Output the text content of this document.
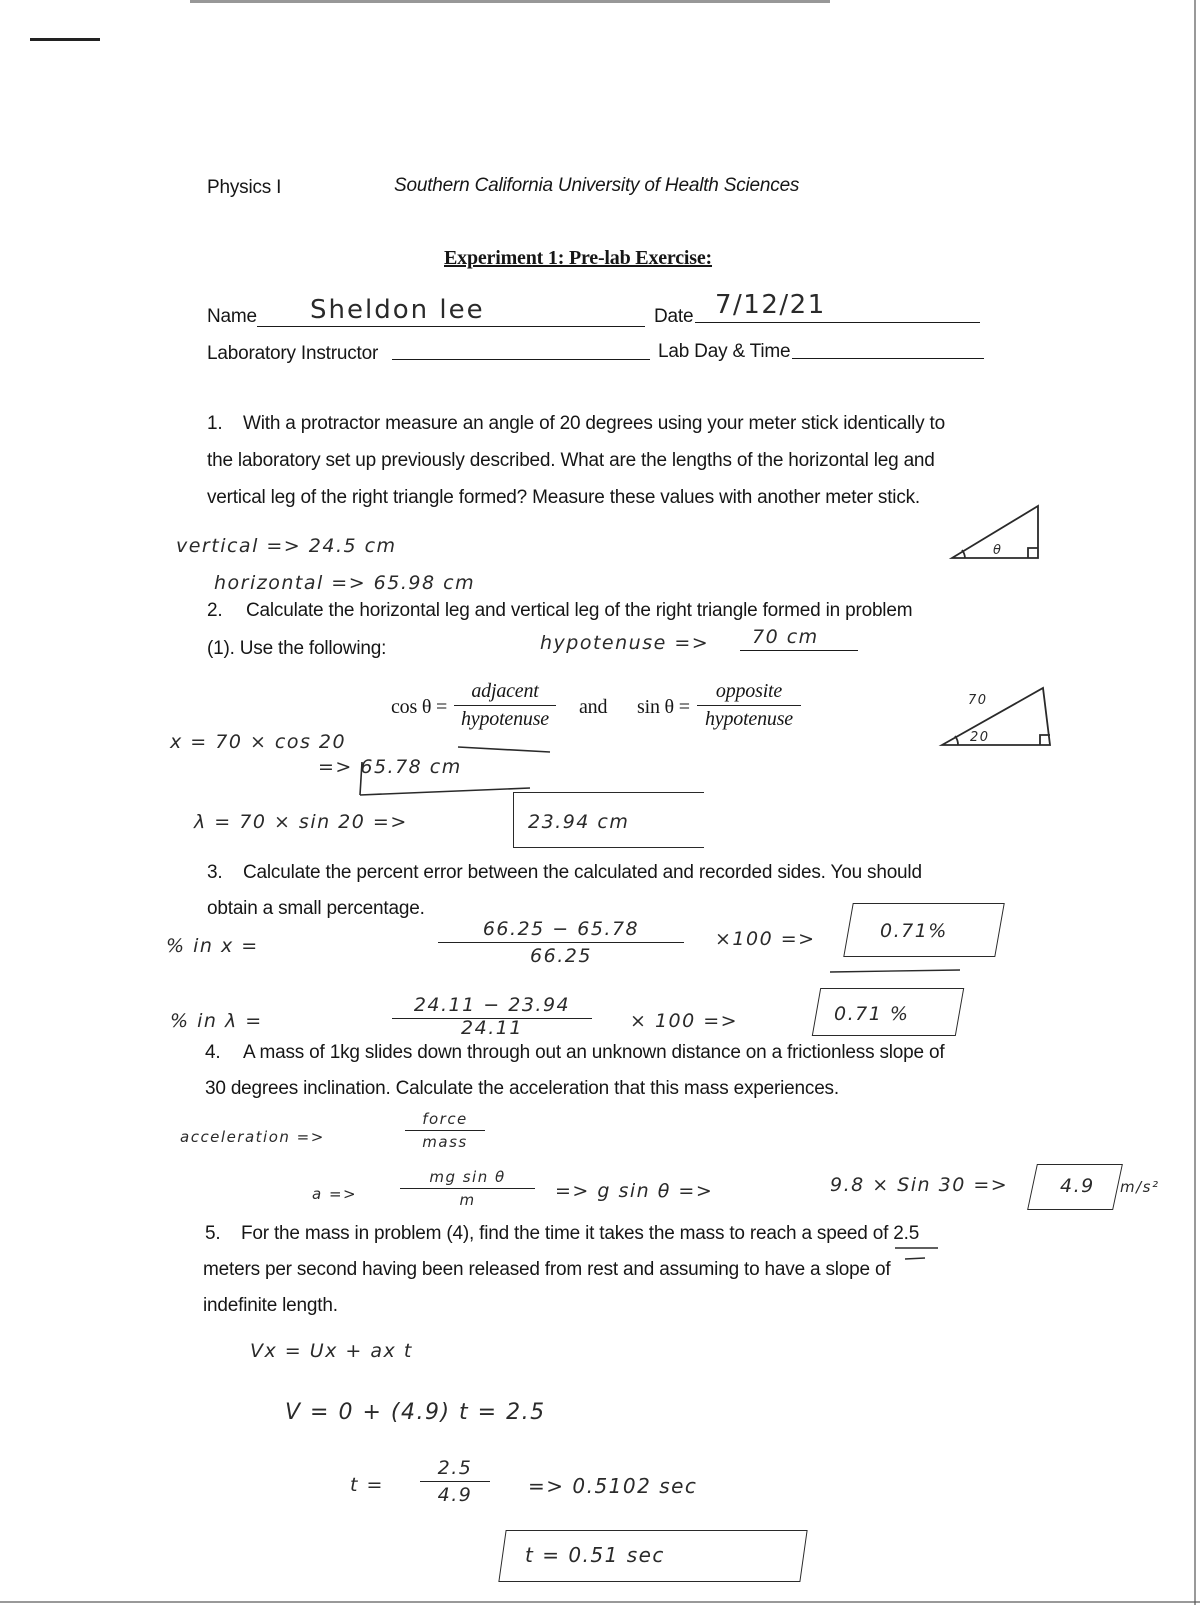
Physics I	Southern California University of Health Sciences
Experiment 1: Pre-lab Exercise:
Name Sheldon lee	Date 7/12/21
Laboratory Instructor	Lab Day & Time
1. With a protractor measure an angle of 20 degrees using your meter stick identically to
the laboratory set up previously described. What are the lengths of the horizontal leg and
vertical leg of the right triangle formed? Measure these values with another meter stick.
vertical => 24.5 cm
horizontal => 65.98 cm
2. Calculate the horizontal leg and vertical leg of the right triangle formed in problem
(1). Use the following:	hypotenuse => 70 cm
cos θ =
adjacent
hypotenuse
and sin θ =
opposite
hypotenuse
x = 70 × cos 20
=> 65.78 cm
λ = 70 × sin 20 =>	23.94 cm
70
20
3. Calculate the percent error between the calculated and recorded sides. You should
obtain a small percentage.
% in x =
66.25 − 65.78
66.25
×100 =>	0.71%
% in λ =
24.11 − 23.94
24.11	× 100 =>	0.71 %
4. A mass of 1kg slides down through out an unknown distance on a frictionless slope of
30 degrees inclination. Calculate the acceleration that this mass experiences.
acceleration =>
force
mass
a =>
mg sin θ
m	=> g sin θ =>	9.8 × Sin 30 =>	4.9 m/s²
5. For the mass in problem (4), find the time it takes the mass to reach a speed of 2.5
meters per second having been released from rest and assuming to have a slope of
indefinite length.
Vx = Ux + ax t
V = 0 + (4.9) t = 2.5
t =
2.5
4.9	=> 0.5102 sec
t = 0.51 sec
θ
